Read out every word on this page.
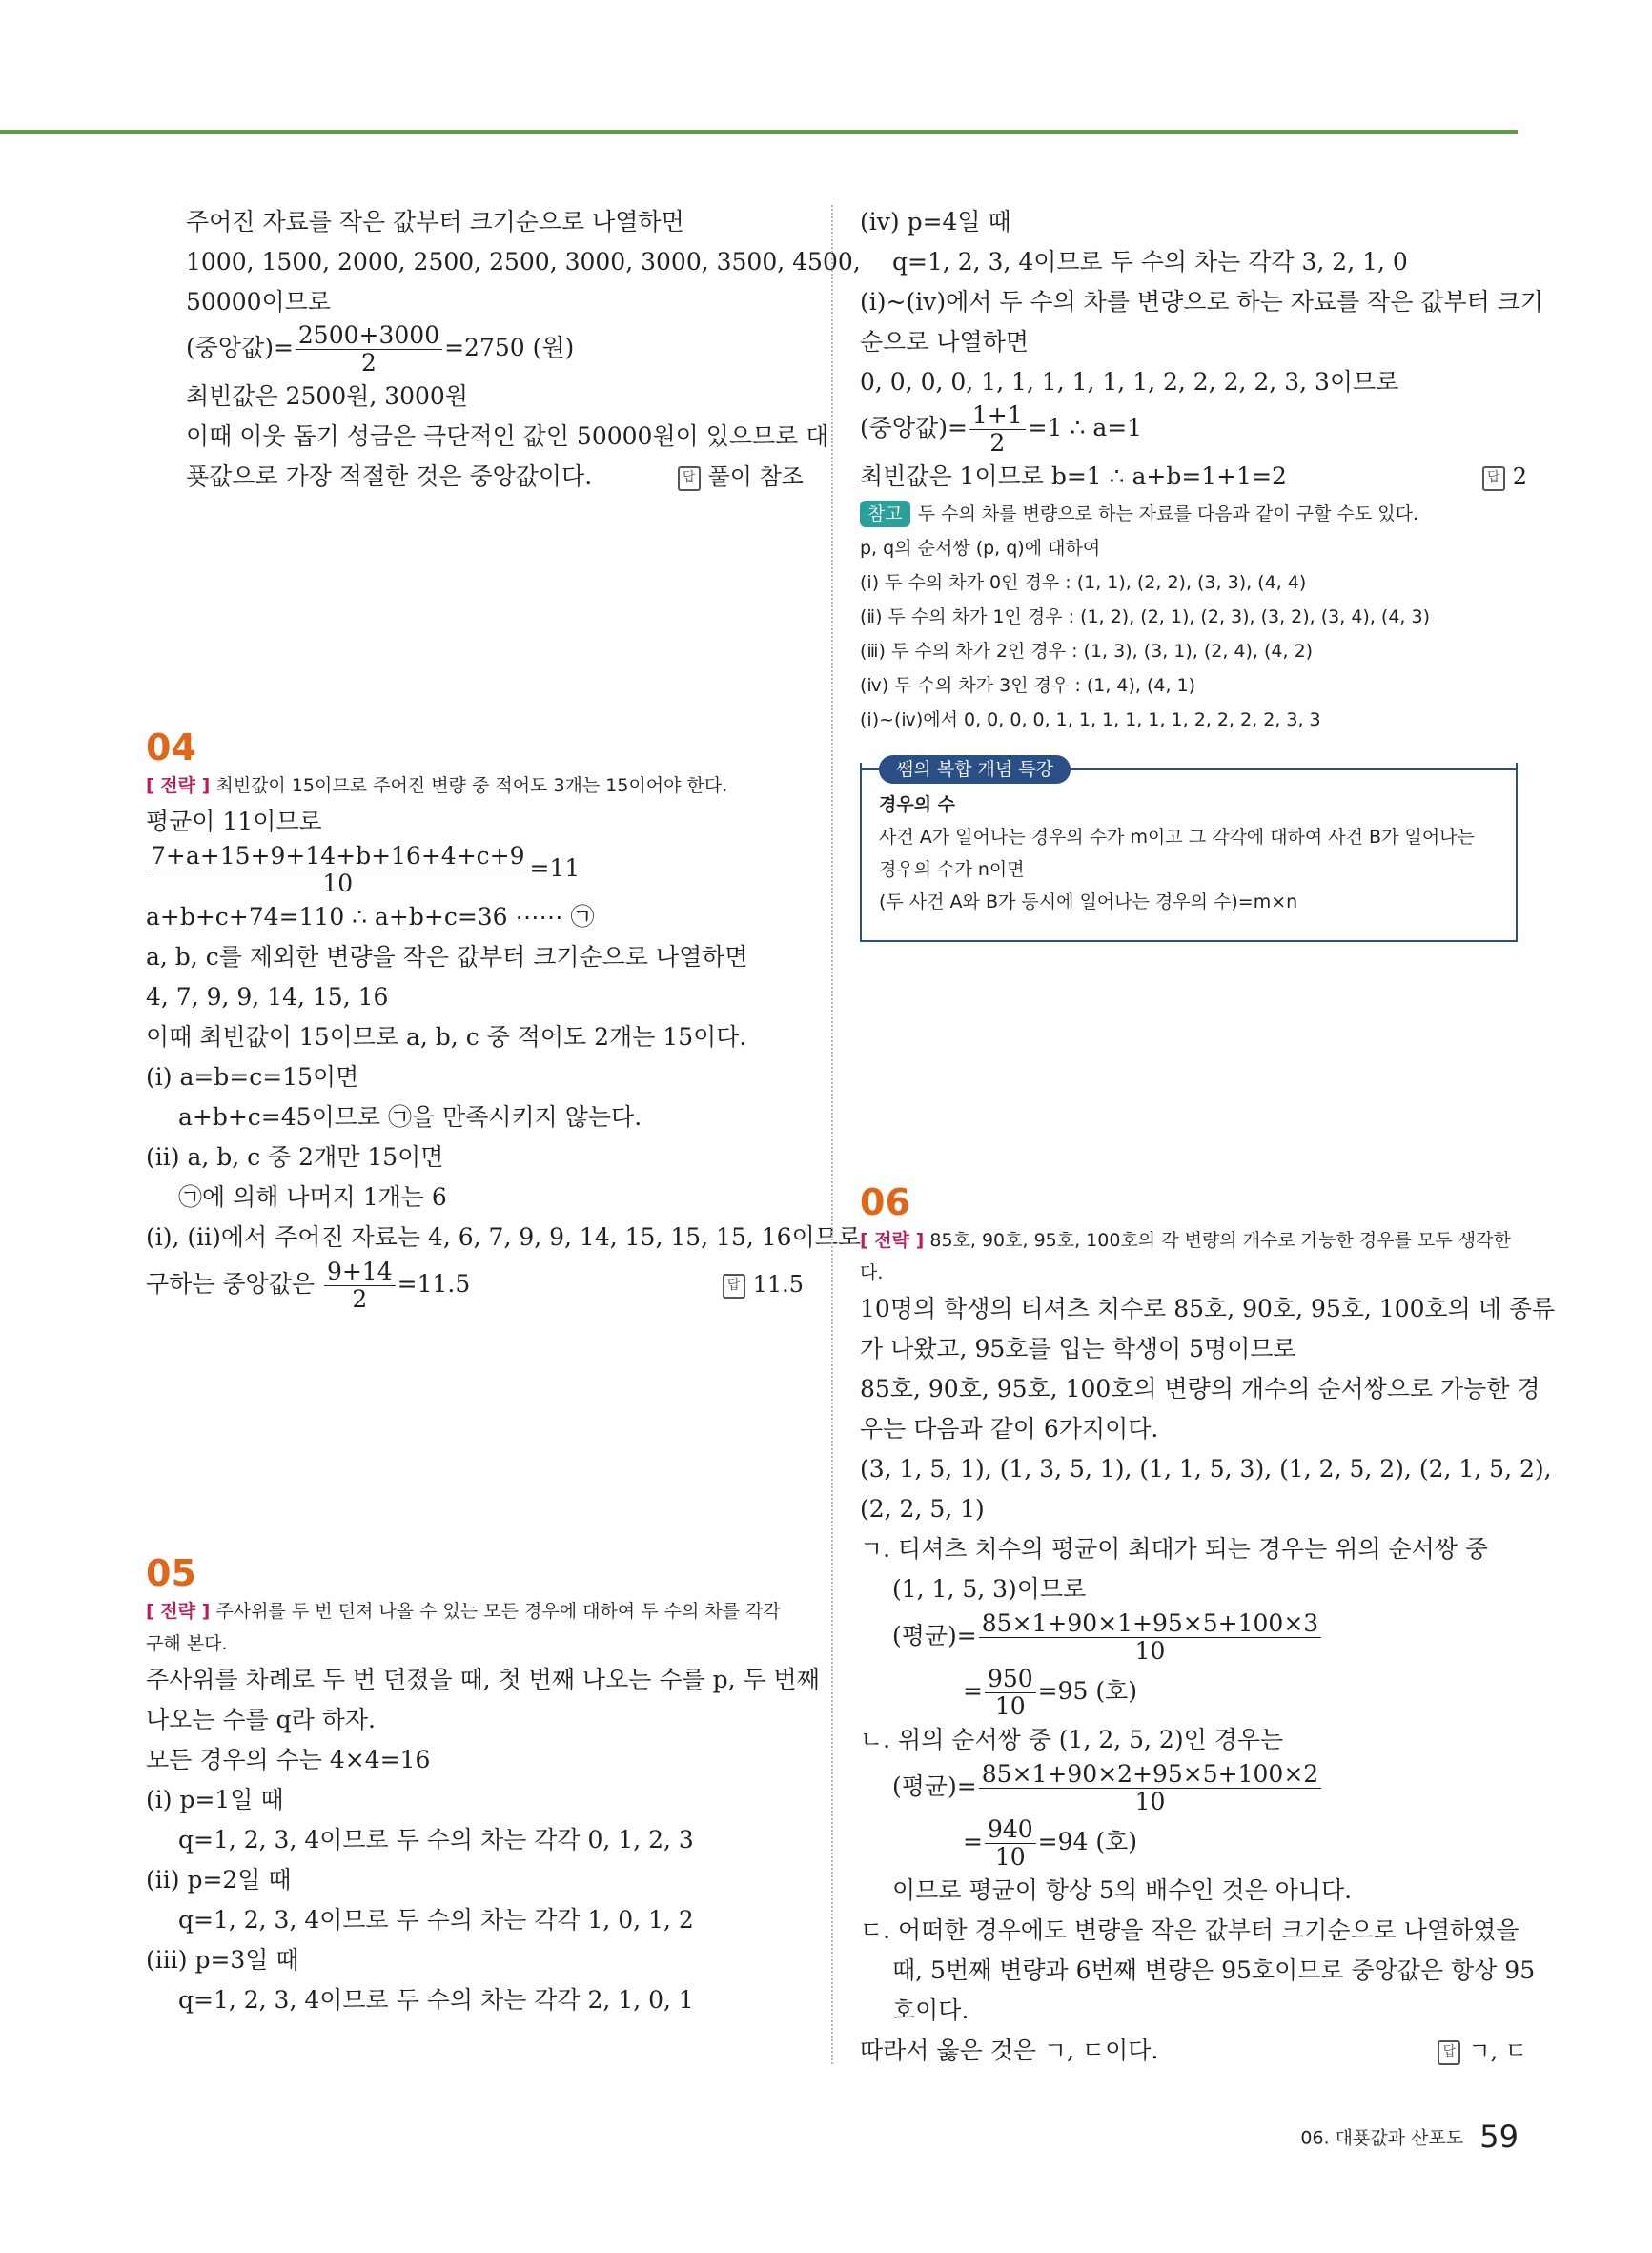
주어진 자료를 작은 값부터 크기순으로 나열하면

1000, 1500, 2000, 2500, 2500, 3000, 3000, 3500, 4500,

50000이므로

(중앙값)= $\frac{2500+3000}{2} =2750$ (원)

최빈값은 2500원, 3000원

이때 이웃 돕기 성금은 극단적인 값인 50000원이 있으므로 대

푯값으로 가장 적절한 것은 중앙값이다.	답 풀이 참조

04

[ 전략 ] 최빈값이 15이므로 주어진 변량 중 적어도 3개는 15이어야 한다.

평균이 11이므로

$\frac{7+a+15+9+14+b+16+4+c+9}{10} =11$

a+b+c+74=110 ∴ a+b+c=36 ⋯⋯ ㉠

a, b, c를 제외한 변량을 작은 값부터 크기순으로 나열하면

4, 7, 9, 9, 14, 15, 16

이때 최빈값이 15이므로 a, b, c 중 적어도 2개는 15이다.

(ⅰ) a=b=c=15이면

a+b+c=45이므로 ㉠을 만족시키지 않는다.

(ⅱ) a, b, c 중 2개만 15이면

㉠에 의해 나머지 1개는 6

(ⅰ), (ⅱ)에서 주어진 자료는 4, 6, 7, 9, 9, 14, 15, 15, 15, 16이므로

구하는 중앙값은 $\frac{9+14}{2} =11.5$	답 11.5

05

[ 전략 ] 주사위를 두 번 던져 나올 수 있는 모든 경우에 대하여 두 수의 차를 각각 구해 본다.

주사위를 차례로 두 번 던졌을 때, 첫 번째 나오는 수를 p, 두 번째

나오는 수를 q라 하자.

모든 경우의 수는 4×4=16

(ⅰ) p=1일 때

q=1, 2, 3, 4이므로 두 수의 차는 각각 0, 1, 2, 3

(ⅱ) p=2일 때

q=1, 2, 3, 4이므로 두 수의 차는 각각 1, 0, 1, 2

(ⅲ) p=3일 때

q=1, 2, 3, 4이므로 두 수의 차는 각각 2, 1, 0, 1

(ⅳ) p=4일 때

q=1, 2, 3, 4이므로 두 수의 차는 각각 3, 2, 1, 0

(ⅰ)~(ⅳ)에서 두 수의 차를 변량으로 하는 자료를 작은 값부터 크기

순으로 나열하면

0, 0, 0, 0, 1, 1, 1, 1, 1, 1, 2, 2, 2, 2, 3, 3이므로

(중앙값)= $\frac{1+1}{2} =1$ ∴ a=1

최빈값은 1이므로 b=1 ∴ a+b=1+1=2	답 2

참고 두 수의 차를 변량으로 하는 자료를 다음과 같이 구할 수도 있다.

p, q의 순서쌍 (p, q)에 대하여

(ⅰ) 두 수의 차가 0인 경우 : (1, 1), (2, 2), (3, 3), (4, 4)

(ⅱ) 두 수의 차가 1인 경우 : (1, 2), (2, 1), (2, 3), (3, 2), (3, 4), (4, 3)

(ⅲ) 두 수의 차가 2인 경우 : (1, 3), (3, 1), (2, 4), (4, 2)

(ⅳ) 두 수의 차가 3인 경우 : (1, 4), (4, 1)

(ⅰ)~(ⅳ)에서 0, 0, 0, 0, 1, 1, 1, 1, 1, 1, 2, 2, 2, 2, 3, 3

쌤의 복합 개념 특강

경우의 수

사건 A가 일어나는 경우의 수가 m이고 그 각각에 대하여 사건 B가 일어나는

경우의 수가 n이면

(두 사건 A와 B가 동시에 일어나는 경우의 수)=m×n

06

[ 전략 ] 85호, 90호, 95호, 100호의 각 변량의 개수로 가능한 경우를 모두 생각한다.

10명의 학생의 티셔츠 치수로 85호, 90호, 95호, 100호의 네 종류

가 나왔고, 95호를 입는 학생이 5명이므로

85호, 90호, 95호, 100호의 변량의 개수의 순서쌍으로 가능한 경

우는 다음과 같이 6가지이다.

(3, 1, 5, 1), (1, 3, 5, 1), (1, 1, 5, 3), (1, 2, 5, 2), (2, 1, 5, 2),

(2, 2, 5, 1)

ㄱ. 티셔츠 치수의 평균이 최대가 되는 경우는 위의 순서쌍 중

(1, 1, 5, 3)이므로

(평균)= $\frac{85\times 1+90\times 1+95\times 5+100\times 3}{10}$

= $\frac{950}{10} =95$ (호)

ㄴ. 위의 순서쌍 중 (1, 2, 5, 2)인 경우는

(평균)= $\frac{85\times 1+90\times 2+95\times 5+100\times 2}{10}$

= $\frac{940}{10} =94$ (호)

이므로 평균이 항상 5의 배수인 것은 아니다.

ㄷ. 어떠한 경우에도 변량을 작은 값부터 크기순으로 나열하였을

때, 5번째 변량과 6번째 변량은 95호이므로 중앙값은 항상 95

호이다.

따라서 옳은 것은 ㄱ, ㄷ이다.	답 ㄱ, ㄷ

06. 대푯값과 산포도 59
